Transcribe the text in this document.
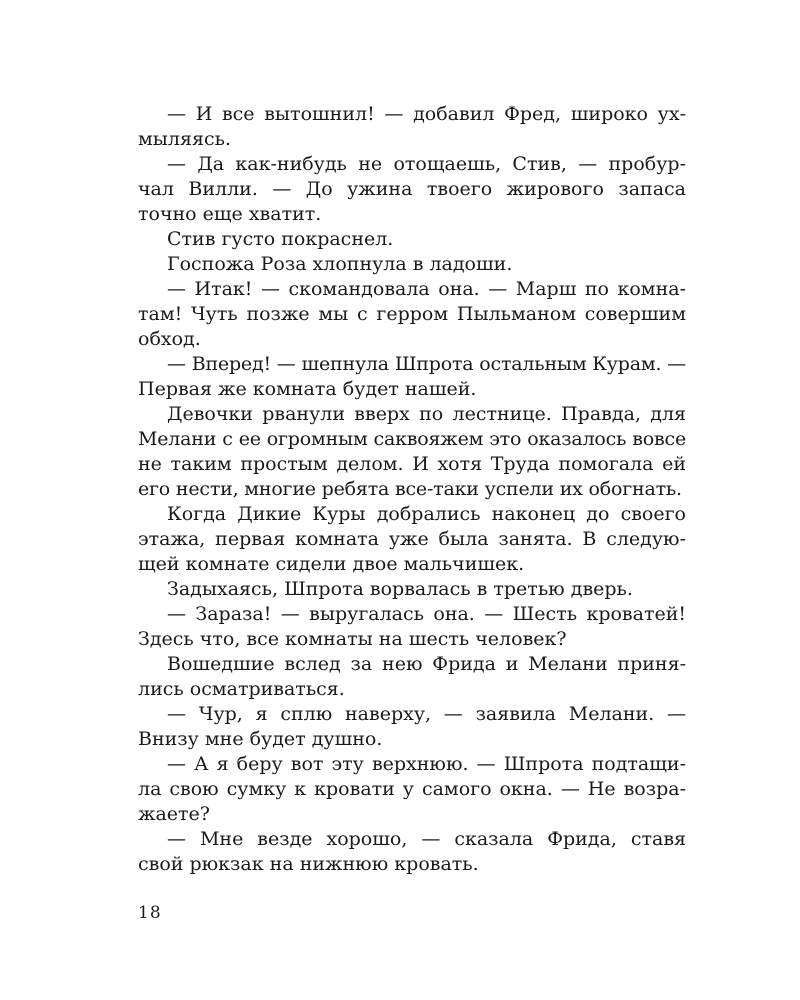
— И все вытошнил! — добавил Фред, широко ух-
мыляясь.
— Да как-нибудь не отощаешь, Стив, — пробур-
чал Вилли. — До ужина твоего жирового запаса
точно еще хватит.
Стив густо покраснел.
Госпожа Роза хлопнула в ладоши.
— Итак! — скомандовала она. — Марш по комна-
там! Чуть позже мы с герром Пыльманом совершим
обход.
— Вперед! — шепнула Шпрота остальным Курам. —
Первая же комната будет нашей.
Девочки рванули вверх по лестнице. Правда, для
Мелани с ее огромным саквояжем это оказалось вовсе
не таким простым делом. И хотя Труда помогала ей
его нести, многие ребята все-таки успели их обогнать.
Когда Дикие Куры добрались наконец до своего
этажа, первая комната уже была занята. В следую-
щей комнате сидели двое мальчишек.
Задыхаясь, Шпрота ворвалась в третью дверь.
— Зараза! — выругалась она. — Шесть кроватей!
Здесь что, все комнаты на шесть человек?
Вошедшие вслед за нею Фрида и Мелани приня-
лись осматриваться.
— Чур, я сплю наверху, — заявила Мелани. —
Внизу мне будет душно.
— А я беру вот эту верхнюю. — Шпрота подтащи-
ла свою сумку к кровати у самого окна. — Не возра-
жаете?
— Мне везде хорошо, — сказала Фрида, ставя
свой рюкзак на нижнюю кровать.
18
